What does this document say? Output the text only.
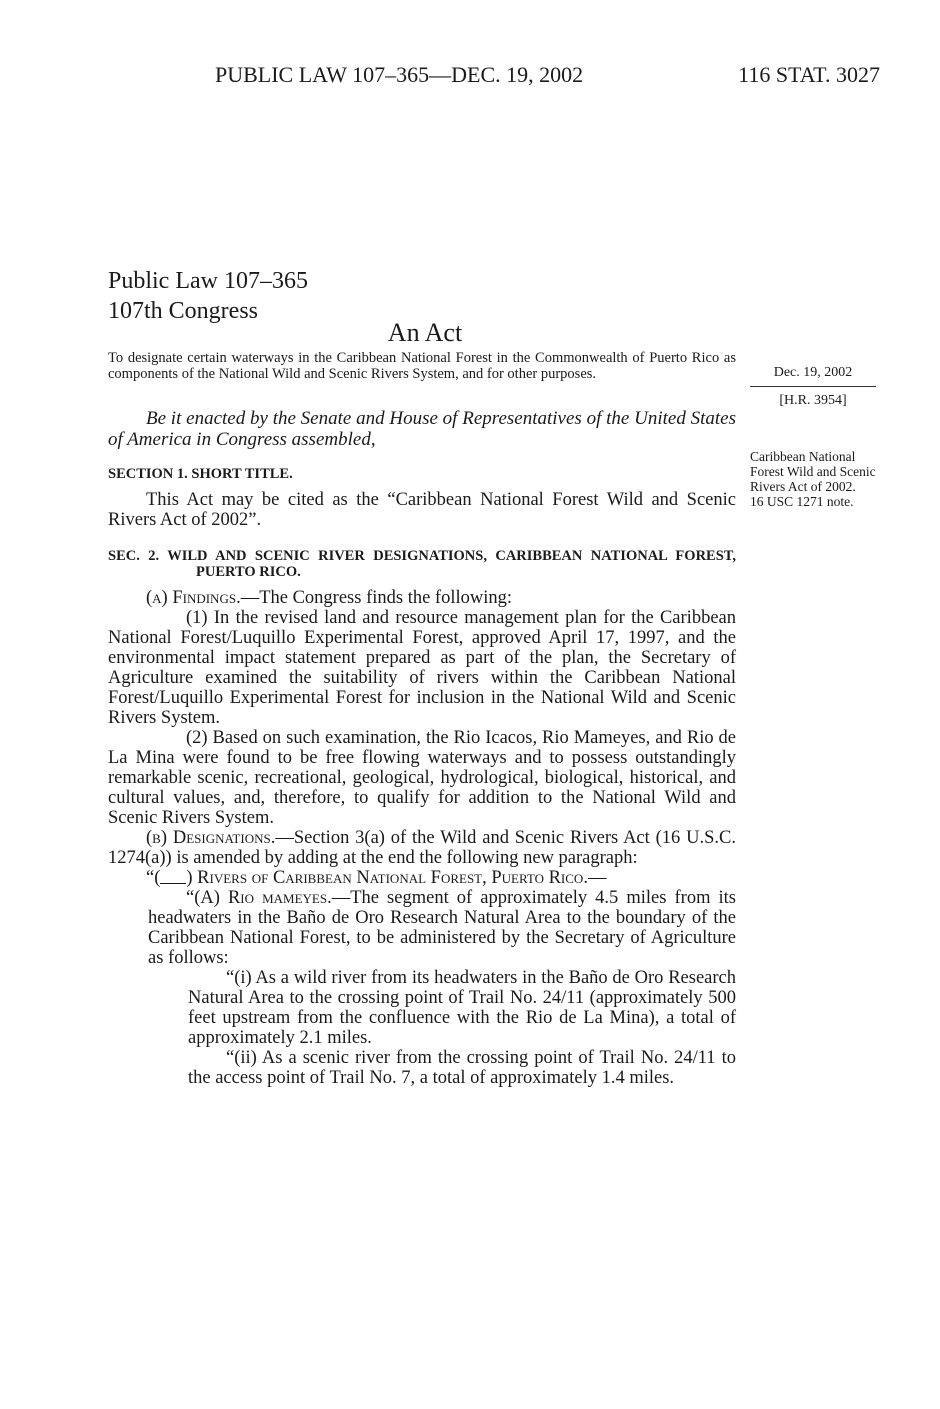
PUBLIC LAW 107–365—DEC. 19, 2002	116 STAT. 3027
Public Law 107–365
107th Congress
An Act

To designate certain waterways in the Caribbean National Forest in the Commonwealth of Puerto Rico as components of the National Wild and Scenic Rivers System, and for other purposes.

Be it enacted by the Senate and House of Representatives of the United States of America in Congress assembled,

SECTION 1. SHORT TITLE.

This Act may be cited as the “Caribbean National Forest Wild and Scenic Rivers Act of 2002”.

SEC. 2. WILD AND SCENIC RIVER DESIGNATIONS, CARIBBEAN NATIONAL FOREST, PUERTO RICO.

(a) Findings.—The Congress finds the following:

(1) In the revised land and resource management plan for the Caribbean National Forest/Luquillo Experimental Forest, approved April 17, 1997, and the environmental impact statement prepared as part of the plan, the Secretary of Agriculture examined the suitability of rivers within the Caribbean National Forest/Luquillo Experimental Forest for inclusion in the National Wild and Scenic Rivers System.

(2) Based on such examination, the Rio Icacos, Rio Mameyes, and Rio de La Mina were found to be free flowing waterways and to possess outstandingly remarkable scenic, recreational, geological, hydrological, biological, historical, and cultural values, and, therefore, to qualify for addition to the National Wild and Scenic Rivers System.

(b) Designations.—Section 3(a) of the Wild and Scenic Rivers Act (16 U.S.C. 1274(a)) is amended by adding at the end the following new paragraph:

“( ) Rivers of Caribbean National Forest, Puerto Rico.—

“(A) Rio mameyes.—The segment of approximately 4.5 miles from its headwaters in the Baño de Oro Research Natural Area to the boundary of the Caribbean National Forest, to be administered by the Secretary of Agriculture as follows:

“(i) As a wild river from its headwaters in the Baño de Oro Research Natural Area to the crossing point of Trail No. 24/11 (approximately 500 feet upstream from the confluence with the Rio de La Mina), a total of approximately 2.1 miles.

“(ii) As a scenic river from the crossing point of Trail No. 24/11 to the access point of Trail No. 7, a total of approximately 1.4 miles.

Dec. 19, 2002
[H.R. 3954]
Caribbean National Forest Wild and Scenic Rivers Act of 2002.
16 USC 1271 note.
